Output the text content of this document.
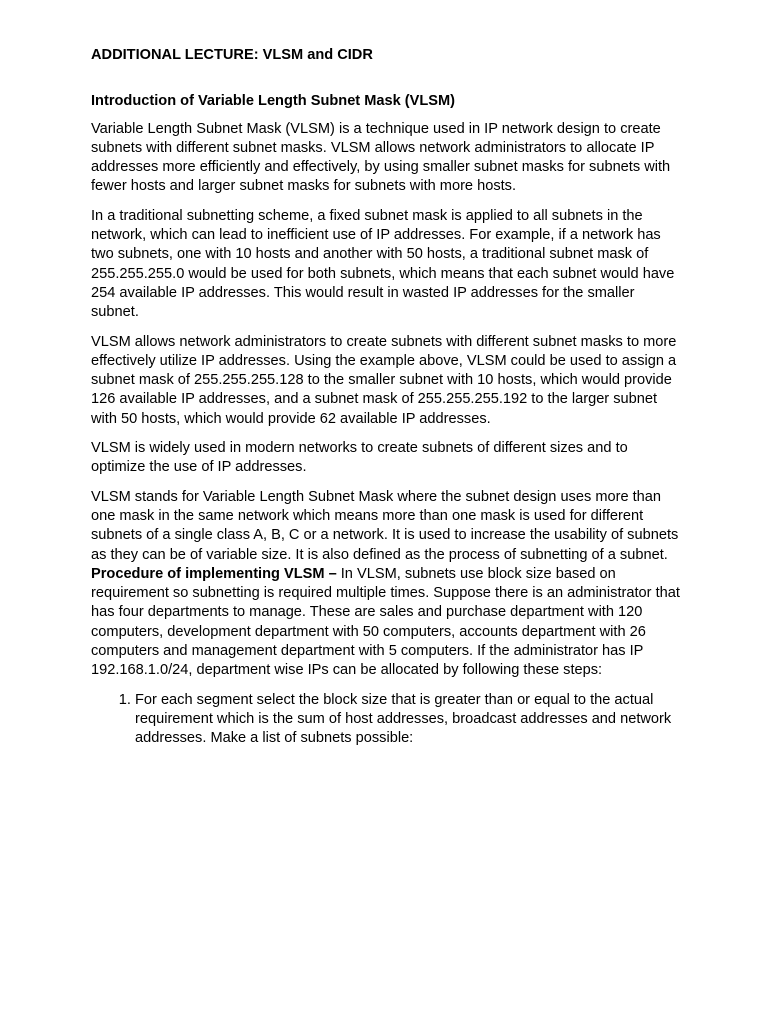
ADDITIONAL LECTURE: VLSM and CIDR
Introduction of Variable Length Subnet Mask (VLSM)

Variable Length Subnet Mask (VLSM) is a technique used in IP network design to create subnets with different subnet masks. VLSM allows network administrators to allocate IP addresses more efficiently and effectively, by using smaller subnet masks for subnets with fewer hosts and larger subnet masks for subnets with more hosts.

In a traditional subnetting scheme, a fixed subnet mask is applied to all subnets in the network, which can lead to inefficient use of IP addresses. For example, if a network has two subnets, one with 10 hosts and another with 50 hosts, a traditional subnet mask of 255.255.255.0 would be used for both subnets, which means that each subnet would have 254 available IP addresses. This would result in wasted IP addresses for the smaller subnet.

VLSM allows network administrators to create subnets with different subnet masks to more effectively utilize IP addresses. Using the example above, VLSM could be used to assign a subnet mask of 255.255.255.128 to the smaller subnet with 10 hosts, which would provide 126 available IP addresses, and a subnet mask of 255.255.255.192 to the larger subnet with 50 hosts, which would provide 62 available IP addresses.

VLSM is widely used in modern networks to create subnets of different sizes and to optimize the use of IP addresses.

VLSM stands for Variable Length Subnet Mask where the subnet design uses more than one mask in the same network which means more than one mask is used for different subnets of a single class A, B, C or a network. It is used to increase the usability of subnets as they can be of variable size. It is also defined as the process of subnetting of a subnet. Procedure of implementing VLSM – In VLSM, subnets use block size based on requirement so subnetting is required multiple times. Suppose there is an administrator that has four departments to manage. These are sales and purchase department with 120 computers, development department with 50 computers, accounts department with 26 computers and management department with 5 computers. If the administrator has IP 192.168.1.0/24, department wise IPs can be allocated by following these steps:

1. For each segment select the block size that is greater than or equal to the actual requirement which is the sum of host addresses, broadcast addresses and network addresses. Make a list of subnets possible:
